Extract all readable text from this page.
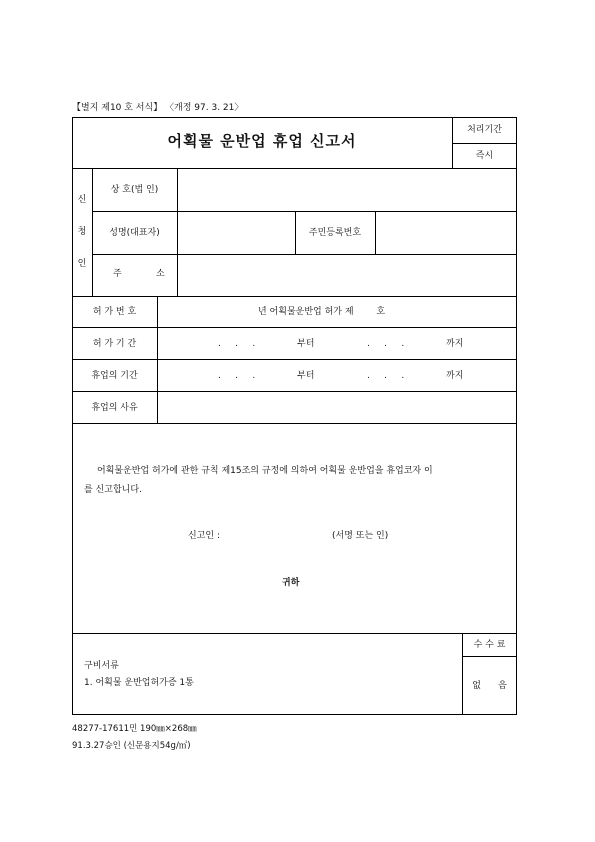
【별지 제10 호 서식】 〈개정 97. 3. 21〉
어획물 운반업 휴업 신고서
처리기간
즉시
신
청
인
상 호(법 인)
성명(대표자)	주민등록번호
주	소
허 가 번 호	년 어획물운반업 허가 제        호
허 가 기 간	.     .     .	부터	.     .     .	까지
휴업의 기간	.     .     .	부터	.     .     .	까지
휴업의 사유
어획물운반업 허가에 관한 규칙 제15조의 규정에 의하여 어획물 운반업을 휴업코자 이
를 신고합니다.
신고인 :	(서명 또는 인)
귀하
수 수 료
없      음
구비서류
1. 어획물 운반업허가증 1통
48277-17611민 190㎜×268㎜
91.3.27승인 (신문용지54g/㎡)
